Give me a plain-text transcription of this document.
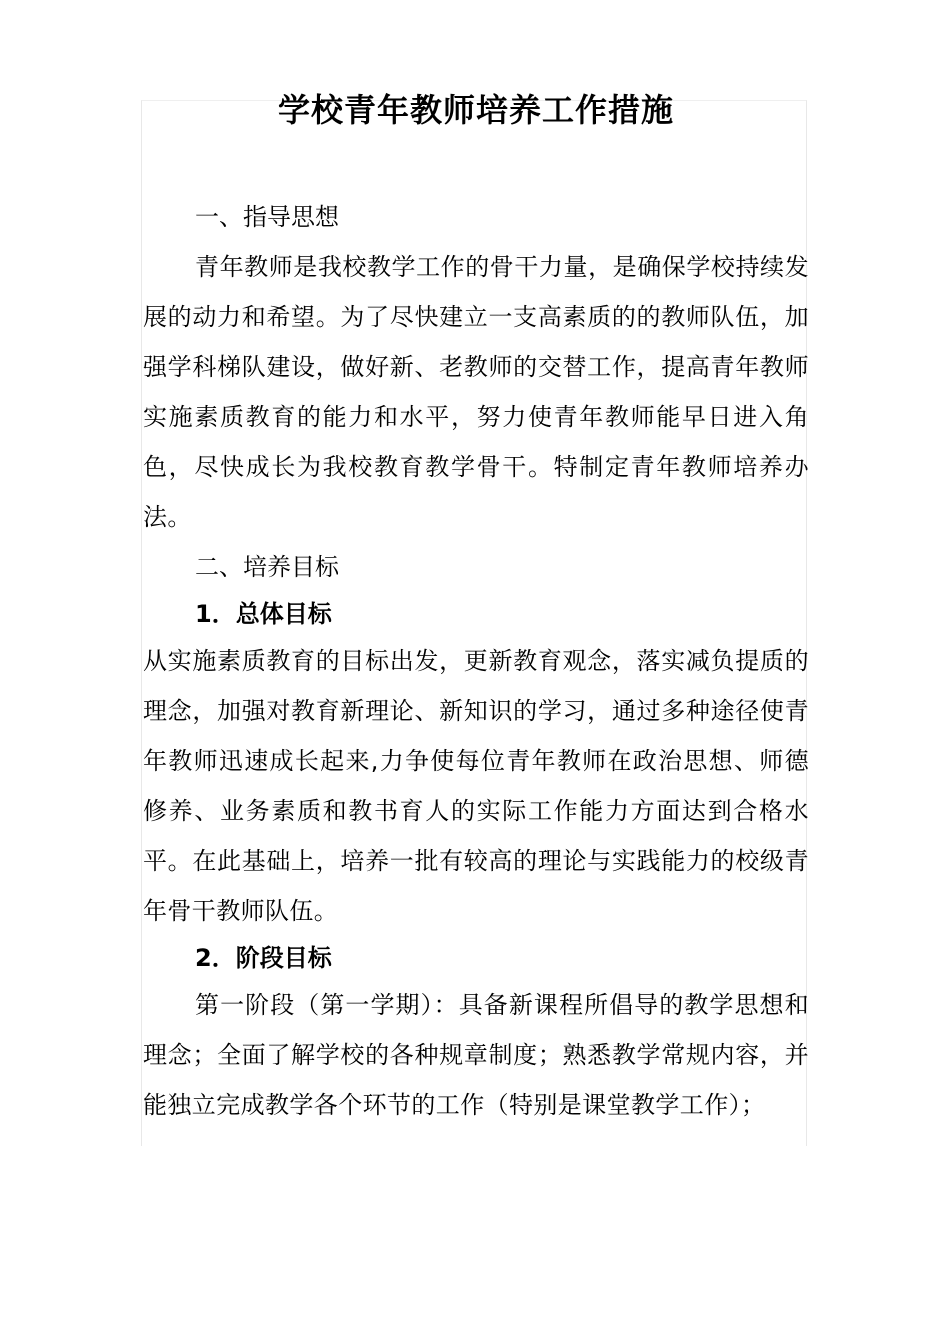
学校青年教师培养工作措施

一、指导思想

青年教师是我校教学工作的骨干力量，是确保学校持续发展的动力和希望。为了尽快建立一支高素质的的教师队伍，加强学科梯队建设，做好新、老教师的交替工作，提高青年教师实施素质教育的能力和水平，努力使青年教师能早日进入角色，尽快成长为我校教育教学骨干。特制定青年教师培养办法。

二、培养目标

1．总体目标

从实施素质教育的目标出发，更新教育观念，落实减负提质的理念，加强对教育新理论、新知识的学习，通过多种途径使青年教师迅速成长起来,力争使每位青年教师在政治思想、师德修养、业务素质和教书育人的实际工作能力方面达到合格水平。在此基础上，培养一批有较高的理论与实践能力的校级青年骨干教师队伍。

2．阶段目标

第一阶段（第一学期）：具备新课程所倡导的教学思想和理念；全面了解学校的各种规章制度；熟悉教学常规内容，并能独立完成教学各个环节的工作（特别是课堂教学工作）；
